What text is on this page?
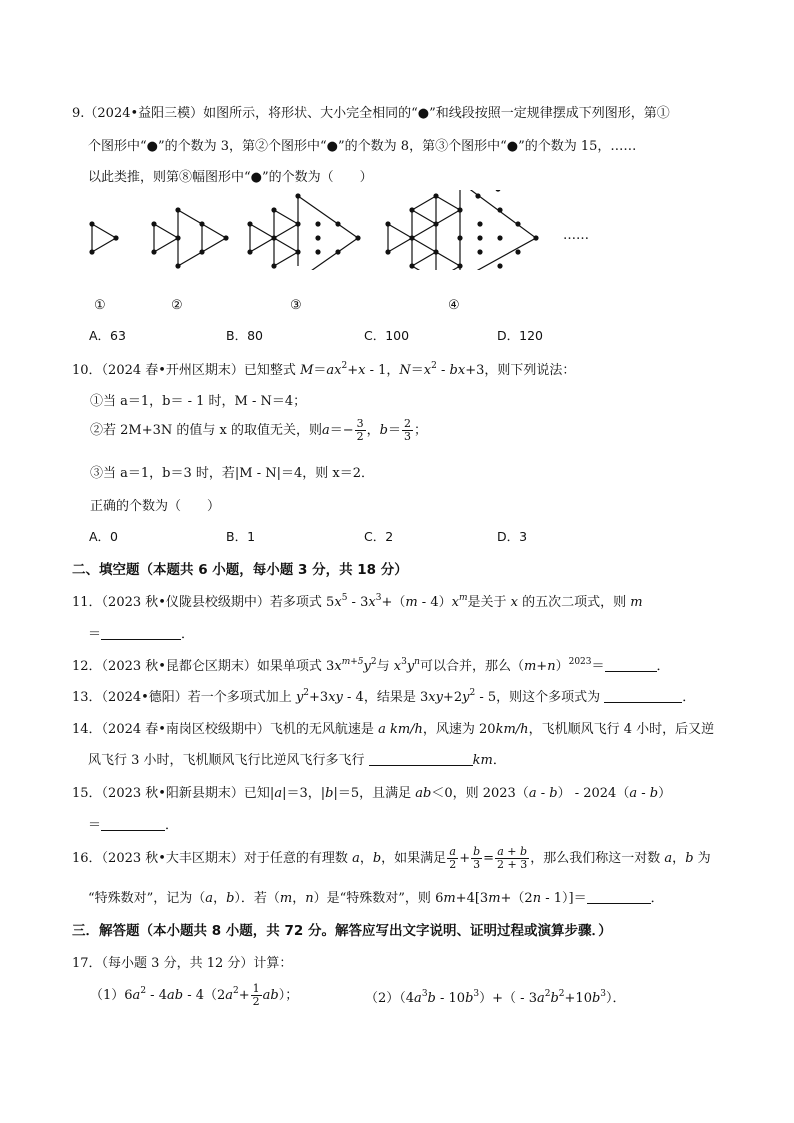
9.（2024•益阳三模）如图所示，将形状、大小完全相同的“●”和线段按照一定规律摆成下列图形，第①
个图形中“●”的个数为 3，第②个图形中“●”的个数为 8，第③个图形中“●”的个数为 15，……
以此类推，则第⑧幅图形中“●”的个数为（　　）
……
①	②	③	④
A．63	B．80	C．100	D．120
10．（2024 春•开州区期末）已知整式 $M=ax^2+x - 1$，$N=x^2 - bx+3$，则下列说法：
①当 a＝1，b＝ - 1 时，M - N＝4；
②若 2M+3N 的值与 x 的取值无关，则$a=- \frac{3}{2}$ ，$b= \frac{2}{3}$ ；
③当 a＝1，b＝3 时，若|M - N|＝4，则 x＝2．
正确的个数为（　　）
A．0	B．1	C．2	D．3
二、填空题（本题共 6 小题，每小题 3 分，共 18 分）
11．（2023 秋•仪陇县校级期中）若多项式 $5x^5 - 3x^3+(m - 4)x^m$是关于 x 的五次二项式，则 m
＝	．
12．（2023 秋•昆都仑区期末）如果单项式 $3x^{m+5}y^2$与 $x^3y^n$可以合并，那么$(m+n)^{2023}=$	．
13．（2024•德阳）若一个多项式加上 $y^2+3xy - 4$，结果是 $3xy+2y^2 - 5$，则这个多项式为	．
14．（2024 春•南岗区校级期中）飞机的无风航速是 a km/h，风速为 20km/h，飞机顺风飞行 4 小时，后又逆
风飞行 3 小时，飞机顺风飞行比逆风飞行多飞行	km．
15．（2023 秋•阳新县期末）已知|a|＝3，|b|＝5，且满足 ab＜0，则 2023（a - b） - 2024（a - b）
＝	．
16．（2023 秋•大丰区期末）对于任意的有理数 a，b，如果满足 $\frac{a}{2} + \frac{b}{3} = \frac{a + b}{2 + 3}$ ，那么我们称这一对数 a，b 为
“特殊数对”，记为（a，b）．若（m，n）是“特殊数对”，则 6m+4[3m+（2n - 1）]＝	．
三．解答题（本小题共 8 小题，共 72 分。解答应写出文字说明、证明过程或演算步骤．）
17．（每小题 3 分，共 12 分）计算：
$(1)6a^2 - 4ab - 4(2a^2+ \frac{1}{2} ab)$；	$(2)(4a^3b - 10b^3)+( - 3a^2b^2+10b^3)$．
